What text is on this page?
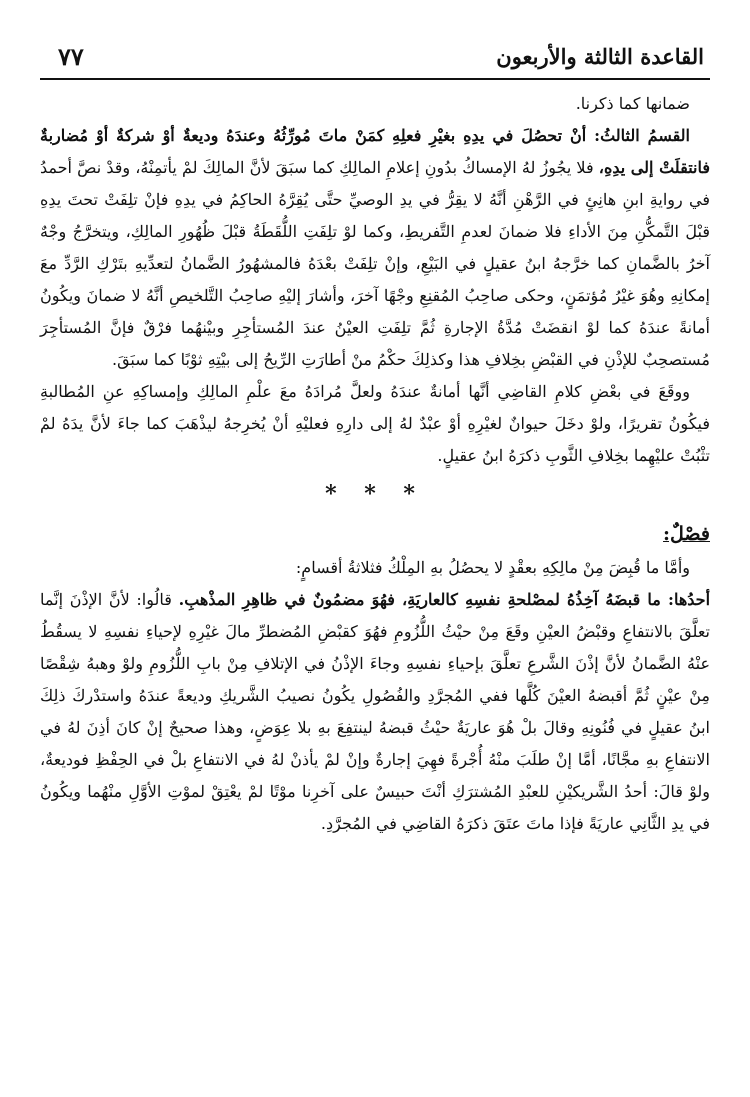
القاعدة الثالثة والأربعون
٧٧

ضمانها كما ذكرنا.

القسمُ الثالثُ: أنْ تحصُلَ في يدِهِ بغيْرِ فعلِهِ كمَنْ ماتَ مُورِّثُهُ وعندَهُ وديعةٌ أوْ شركةٌ أوْ مُضاربةٌ فانتقلَتْ إلى يدِهِ، فلا يجُوزُ لهُ الإمساكُ بدُونِ إعلامِ المالِكِ كما سبَقَ لأنَّ المالِكَ لمْ يأتمِنْهُ، وقدْ نصَّ أحمدُ في روايةِ ابنِ هانِئٍ في الرَّهْنِ أنَّهُ لا يقِرُّ في يدِ الوصيِّ حتَّى يُقِرَّهُ الحاكِمُ في يدِهِ فإنْ تلِفَتْ تحتَ يدِهِ قبْلَ التَّمكُّنِ مِنَ الأداءِ فلا ضمانَ لعدمِ التَّفريطِ، وكما لوْ تلِفَتِ اللُّقَطَةُ قبْلَ ظُهُورِ المالِكِ، ويتخرَّجُ وجْهٌ آخرُ بالضَّمانِ كما خرَّجهُ ابنُ عقيلٍ في البَيْعِ، وإنْ تلِفَتْ بعْدَهُ فالمشهُورُ الضَّمانُ لتعدِّيهِ بتَرْكِ الرَّدِّ معَ إمكانِهِ وهُوَ غيْرُ مُؤتمَنٍ، وحكى صاحِبُ المُقنِعِ وجْهًا آخرَ، وأشارَ إليْهِ صاحِبُ التَّلخيصِ أنَّهُ لا ضمانَ ويكُونُ أمانةً عندَهُ كما لوْ انقضَتْ مُدَّةُ الإجارةِ ثُمَّ تلِفَتِ العيْنُ عندَ المُستأجِرِ وبيْنهُما فرْقٌ فإنَّ المُستأجِرَ مُستصحِبٌ للإذْنِ في القبْضِ بخِلافِ هذا وكذلِكَ حكْمُ منْ أطارَتِ الرِّيحُ إلى بيْتِهِ ثوْبًا كما سبَقَ.

ووقَعَ في بعْضِ كلامِ القاضِي أنَّها أمانةٌ عندَهُ ولعلَّ مُرادَهُ معَ علْمِ المالِكِ وإمساكِهِ عنِ المُطالبةِ فيكُونُ تقريرًا، ولوْ دخَلَ حيوانٌ لغيْرِهِ أوْ عبْدٌ لهُ إلى دارِهِ فعليْهِ أنْ يُخرِجهُ ليذْهَبَ كما جاءَ لأنَّ يدَهُ لمْ تثْبُتْ عليْهِما بخِلافِ الثَّوبِ ذكرَهُ ابنُ عقيلٍ.

* * *

فصْلٌ:

وأمَّا ما قُبِضَ مِنْ مالِكِهِ بعقْدٍ لا يحصُلُ بهِ المِلْكُ فثلاثةُ أقسامٍ:

أحدُها: ما قبضَهُ آخِذُهُ لمصْلحةِ نفسِهِ كالعاريَةِ، فهُوَ مضمُونٌ في ظاهِرِ المذْهبِ. قالُوا: لأنَّ الإذْنَ إنَّما تعلَّقَ بالانتفاعِ وقبْضُ العيْنِ وقَعَ مِنْ حيْثُ اللُّزُومِ فهُوَ كقبْضِ المُضطرِّ مالَ غيْرِهِ لإحياءِ نفسِهِ لا يسقُطُ عنْهُ الضَّمانُ لأنَّ إذْنَ الشَّرعِ تعلَّقَ بإحياءِ نفسِهِ وجاءَ الإذْنُ في الإتلافِ مِنْ بابِ اللُّزُومِ ولوْ وهبهُ شِقْصًا مِنْ عيْنٍ ثُمَّ أقبضهُ العيْنَ كُلَّها ففي المُجرَّدِ والفُصُولِ يكُونُ نصيبُ الشَّريكِ وديعةً عندَهُ واستدْركَ ذلِكَ ابنُ عقيلٍ في فُنُونِهِ وقالَ بلْ هُوَ عاريَةٌ حيْثُ قبضهُ لينتفِعَ بهِ بلا عِوَضٍ، وهذا صحيحٌ إنْ كانَ أذِنَ لهُ في الانتفاعِ بهِ مجَّانًا، أمَّا إنْ طلَبَ منْهُ أُجْرةً فهِيَ إجارةٌ وإنْ لمْ يأذنْ لهُ في الانتفاعِ بلْ في الحِفْظِ فوديعةٌ، ولوْ قالَ: أحدُ الشَّريكيْنِ للعبْدِ المُشترَكِ أنْتَ حبيسٌ على آخرِنا موْتًا لمْ يعْتِقْ لموْتِ الأوَّلِ منْهُما ويكُونُ في يدِ الثَّانِي عاريَةً فإذا ماتَ عتَقَ ذكرَهُ القاضِي في المُجرَّدِ.
